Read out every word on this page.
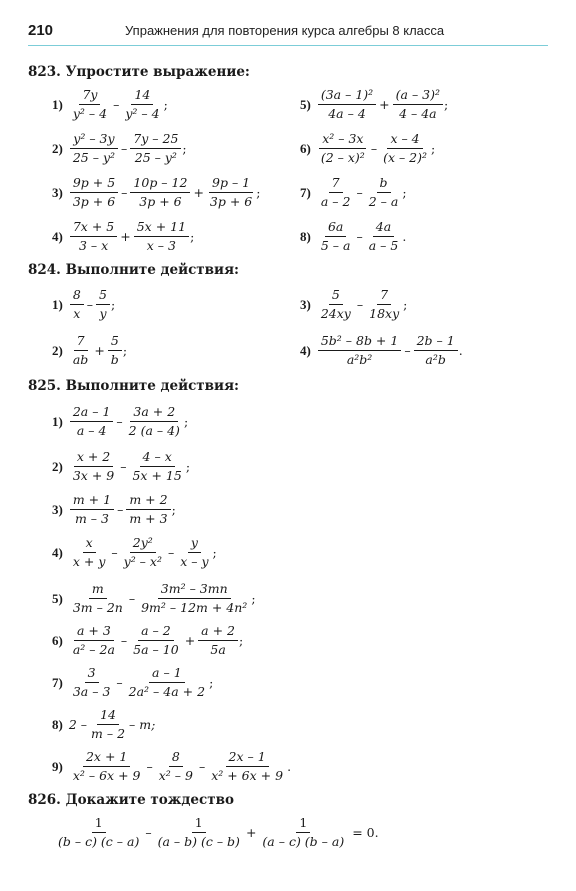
210	Упражнения для повторения курса алгебры 8 класса
823. Упростите выражение:
$1) \frac{7y}{\text{y² – 4}} - \frac{14}{\text{y² – 4}}$ ;
$2) \frac{\text{y² – 3y}}{\text{25 – y²}} - \frac{7y - 25}{\text{25 – y²}}$ ;
$3) \frac{9p + 5}{3p + 6} - \frac{10p - 12}{3p + 6} + \frac{9p - 1}{3p + 6}$ ;
$4) \frac{7x + 5}{3 - x} + \frac{5x + 11}{x - 3}$ ;
$5) \frac{\text{(3a – 1)²}}{4a - 4} + \frac{\text{(a – 3)²}}{4 - 4a}$ ;
$6) \frac{\text{x² – 3x}}{\text{(2 – x)²}} - \frac{x - 4}{\text{(x – 2)²}}$ ;
$7) \frac{7}{a - 2} - \frac{b}{2 - a}$ ;
$8) \frac{6a}{5 - a} - \frac{4a}{a - 5}$ .
824. Выполните действия:
$1) \frac{8}{x} - \frac{5}{y}$ ;
$2) \frac{7}{ab} + \frac{5}{b}$ ;
$3) \frac{5}{24xy} - \frac{7}{18xy}$ ;
$4) \frac{\text{5b² – 8b + 1}}{\text{a²b²}} - \frac{2b - 1}{\text{a²b}}$ .
825. Выполните действия:
$1) \frac{2a - 1}{a - 4} - \frac{3a + 2}{2 (a - 4)}$ ;
$2) \frac{x + 2}{3x + 9} - \frac{4 - x}{5x + 15}$ ;
$3) \frac{m + 1}{m - 3} - \frac{m + 2}{m + 3}$ ;
$4) \frac{x}{x + y} - \frac{\text{2y²}}{\text{y² – x²}} - \frac{y}{x - y}$ ;
$5) \frac{m}{3m - 2n} - \frac{\text{3m² – 3mn}}{\text{9m² – 12m + 4n²}}$ ;
$6) \frac{a + 3}{\text{a² – 2a}} - \frac{a - 2}{5a - 10} + \frac{a + 2}{5a}$ ;
$7) \frac{3}{3a - 3} - \frac{a - 1}{\text{2a² – 4a + 2}}$ ;
8) $2 - \frac{14}{m - 2}$ – m;
$9) \frac{2x + 1}{\text{x² – 6x + 9}} - \frac{8}{\text{x² – 9}} - \frac{2x - 1}{\text{x² + 6x + 9}}$ .
826. Докажите тождество
$\frac{1}{(b - c) (c - a)} - \frac{1}{(a - b) (c - b)} + \frac{1}{(a - c) (b - a)} = 0$.
